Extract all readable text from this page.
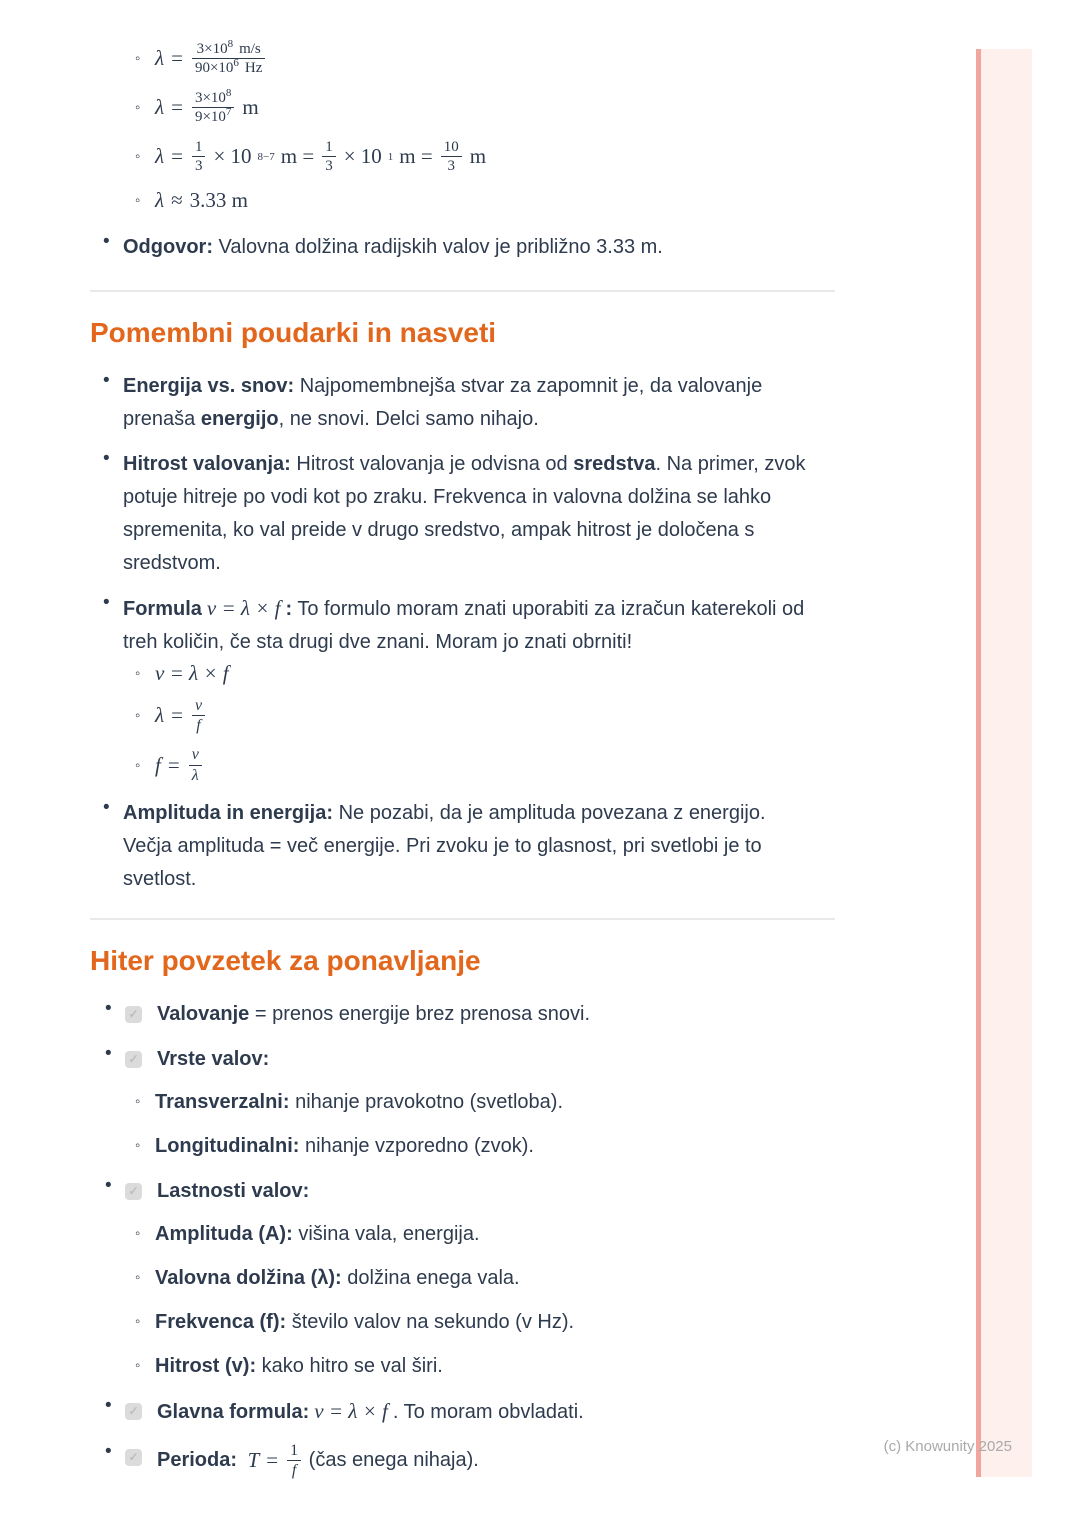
(c) Knowunity 2025
◦
$\lambda = \frac{3\times 10^8 m/s}{90\times 10^6 Hz}$
◦
$\lambda = \frac{3\times 10^8}{9\times 10^7}$ m
◦
$\lambda = \frac{1}{3} \times 10$ 8−7 $m = \frac{1}{3} \times 10$ 1 $m = \frac{10}{3}$ m
◦
λ ≈ 3.33 m
•
Odgovor: Valovna dolžina radijskih valov je približno 3.33 m.
Pomembni poudarki in nasveti
•
Energija vs. snov: Najpomembnejša stvar za zapomnit je, da valovanje prenaša energijo, ne snovi. Delci samo nihajo.
•
Hitrost valovanja: Hitrost valovanja je odvisna od sredstva. Na primer, zvok potuje hitreje po vodi kot po zraku. Frekvenca in valovna dolžina se lahko spremenita, ko val preide v drugo sredstvo, ampak hitrost je določena s sredstvom.
•
Formula v = λ × f : To formulo moram znati uporabiti za izračun katerekoli od treh količin, če sta drugi dve znani. Moram jo znati obrniti!
◦
v = λ × f
◦
$\lambda = \frac{v}{f}$
◦
$f = \frac{v}{\lambda}$
•
Amplituda in energija: Ne pozabi, da je amplituda povezana z energijo. Večja amplituda = več energije. Pri zvoku je to glasnost, pri svetlobi je to svetlost.
Hiter povzetek za ponavljanje
•
✓
Valovanje = prenos energije brez prenosa snovi.
•
✓
Vrste valov:
◦
Transverzalni: nihanje pravokotno (svetloba).
◦
Longitudinalni: nihanje vzporedno (zvok).
•
✓
Lastnosti valov:
◦
Amplituda (A): višina vala, energija.
◦
Valovna dolžina (λ): dolžina enega vala.
◦
Frekvenca (f): število valov na sekundo (v Hz).
◦
Hitrost (v): kako hitro se val širi.
•
✓
Glavna formula: v = λ × f . To moram obvladati.
•
✓
Perioda: $T = \frac{1}{f}$ (čas enega nihaja).
